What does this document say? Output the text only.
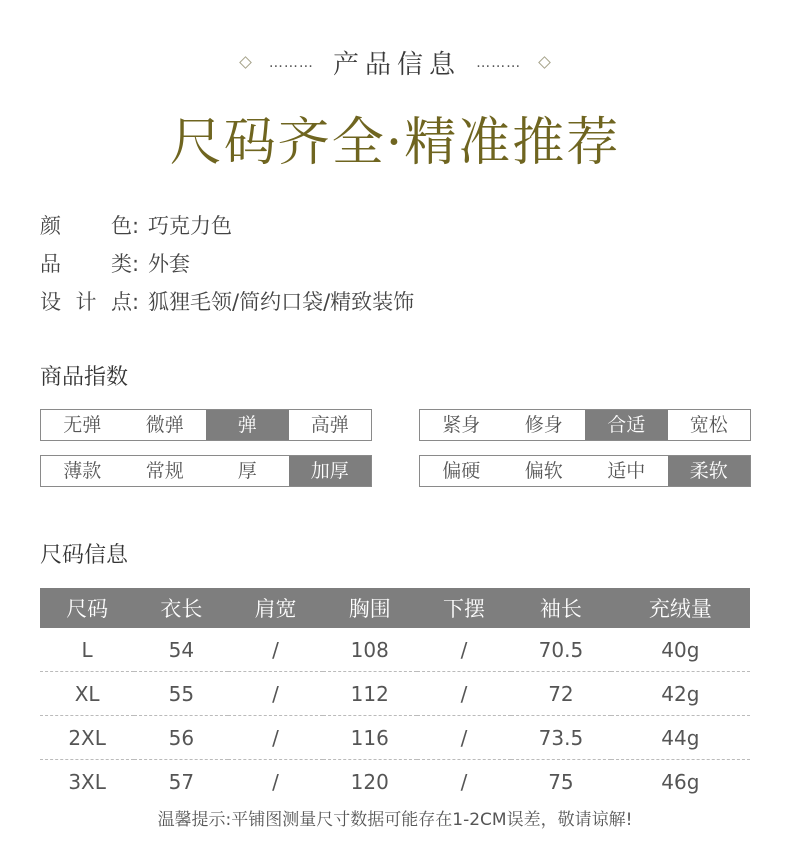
……… 产品信息 ………
尺码齐全·精准推荐
颜色 : 巧克力色
品类 : 外套
设计点 : 狐狸毛领/简约口袋/精致装饰
商品指数
无弹	微弹	弹	高弹	紧身	修身	合适	宽松
薄款	常规	厚	加厚	偏硬	偏软	适中	柔软
尺码信息
尺码	衣长	肩宽	胸围	下摆	袖长	充绒量
L	54	/	108	/	70.5	40g
XL	55	/	112	/	72	42g
2XL	56	/	116	/	73.5	44g
3XL	57	/	120	/	75	46g
温馨提示:平铺图测量尺寸数据可能存在1-2CM误差，敬请谅解!
